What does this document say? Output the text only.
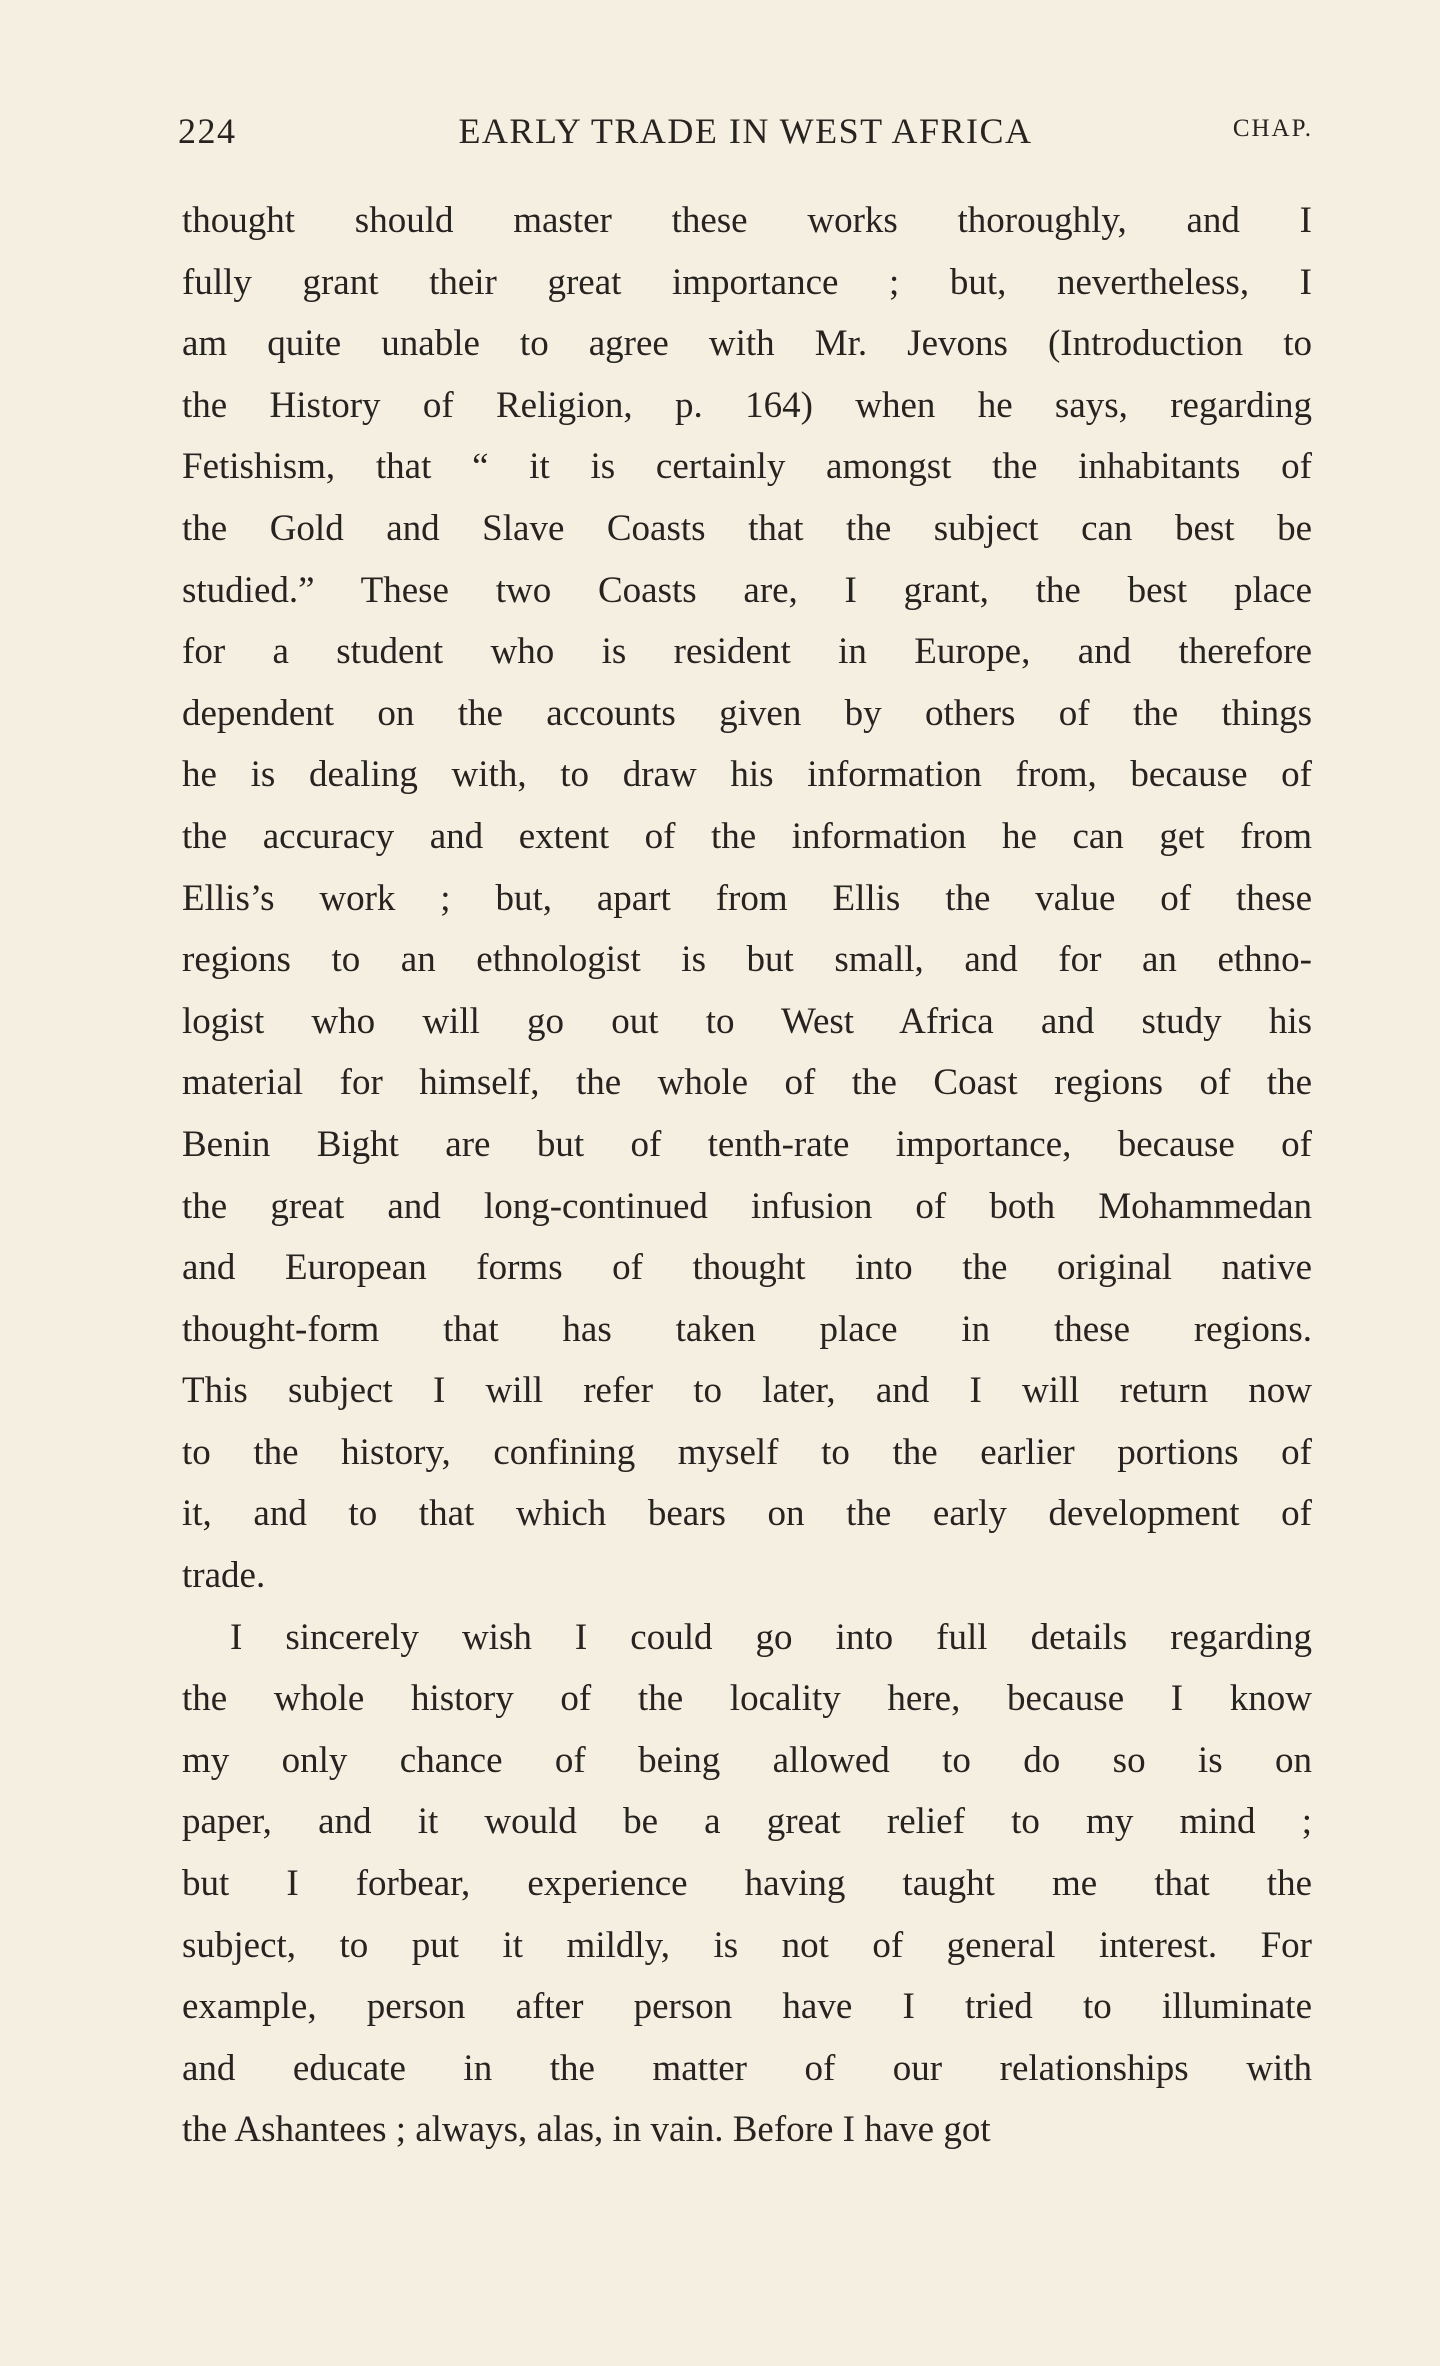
224	EARLY TRADE IN WEST AFRICA	CHAP.
thought should master these works thoroughly, and I
fully grant their great importance ; but, nevertheless, I
am quite unable to agree with Mr. Jevons (Introduction to
the History of Religion, p. 164) when he says, regarding
Fetishism, that “ it is certainly amongst the inhabitants of
the Gold and Slave Coasts that the subject can best be
studied.” These two Coasts are, I grant, the best place
for a student who is resident in Europe, and therefore
dependent on the accounts given by others of the things
he is dealing with, to draw his information from, because of
the accuracy and extent of the information he can get from
Ellis’s work ; but, apart from Ellis the value of these
regions to an ethnologist is but small, and for an ethno-
logist who will go out to West Africa and study his
material for himself, the whole of the Coast regions of the
Benin Bight are but of tenth-rate importance, because of
the great and long-continued infusion of both Mohammedan
and European forms of thought into the original native
thought-form that has taken place in these regions.
This subject I will refer to later, and I will return now
to the history, confining myself to the earlier portions of
it, and to that which bears on the early development of
trade.
I sincerely wish I could go into full details regarding
the whole history of the locality here, because I know
my only chance of being allowed to do so is on
paper, and it would be a great relief to my mind ;
but I forbear, experience having taught me that the
subject, to put it mildly, is not of general interest. For
example, person after person have I tried to illuminate
and educate in the matter of our relationships with
the Ashantees ; always, alas, in vain. Before I have got
